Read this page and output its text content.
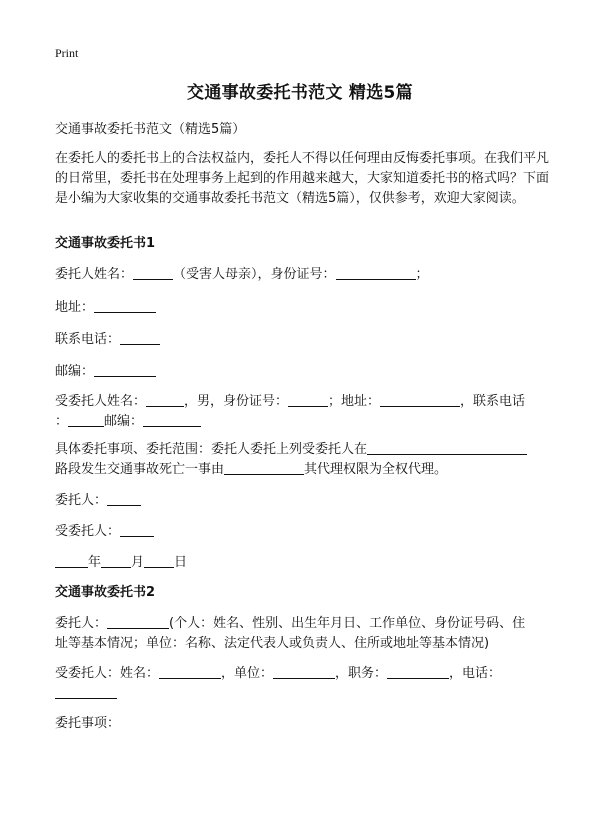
Print
交通事故委托书范文 精选5篇
交通事故委托书范文（精选5篇）
在委托人的委托书上的合法权益内，委托人不得以任何理由反悔委托事项。在我们平凡的日常里，委托书在处理事务上起到的作用越来越大，大家知道委托书的格式吗？下面是小编为大家收集的交通事故委托书范文（精选5篇），仅供参考，欢迎大家阅读。
交通事故委托书1
委托人姓名：	（受害人母亲），身份证号：	；
地址：
联系电话：
邮编：
受委托人姓名：	，男，身份证号：	；地址：	，联系电话
：	邮编：
具体委托事项、委托范围：委托人委托上列受委托人在
路段发生交通事故死亡一事由	其代理权限为全权代理。
委托人：
受委托人：
年 月 日
交通事故委托书2
委托人：	(个人：姓名、性别、出生年月日、工作单位、身份证号码、住
址等基本情况；单位：名称、法定代表人或负责人、住所或地址等基本情况)
受委托人：姓名：	，单位：	，职务：	，电话：

委托事项：
